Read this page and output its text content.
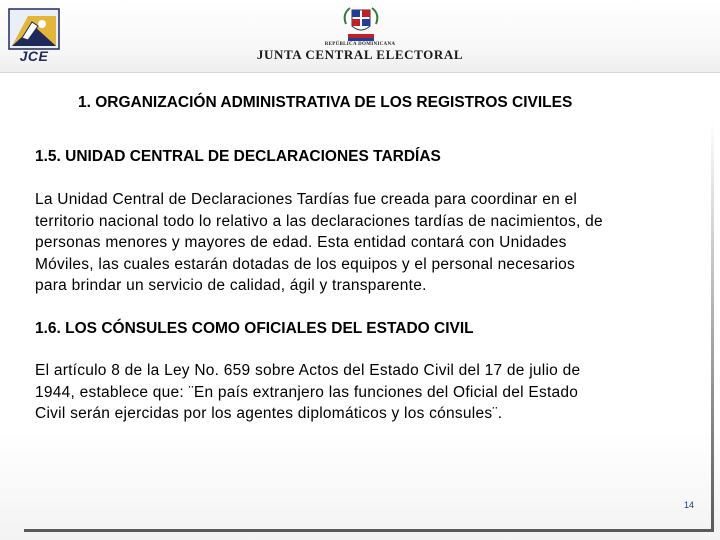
JCE
REPÚBLICA DOMINICANA
JUNTA CENTRAL ELECTORAL
1. ORGANIZACIÓN ADMINISTRATIVA DE LOS REGISTROS CIVILES
1.5. UNIDAD CENTRAL DE DECLARACIONES TARDÍAS
La Unidad Central de Declaraciones Tardías fue creada para coordinar en el
territorio nacional todo lo relativo a las declaraciones tardías de nacimientos, de
personas menores y mayores de edad. Esta entidad contará con Unidades
Móviles, las cuales estarán dotadas de los equipos y el personal necesarios
para brindar un servicio de calidad, ágil y transparente.
1.6. LOS CÓNSULES COMO OFICIALES DEL ESTADO CIVIL
El artículo 8 de la Ley No. 659 sobre Actos del Estado Civil del 17 de julio de
1944, establece que: ¨En país extranjero las funciones del Oficial del Estado
Civil serán ejercidas por los agentes diplomáticos y los cónsules¨.
14
